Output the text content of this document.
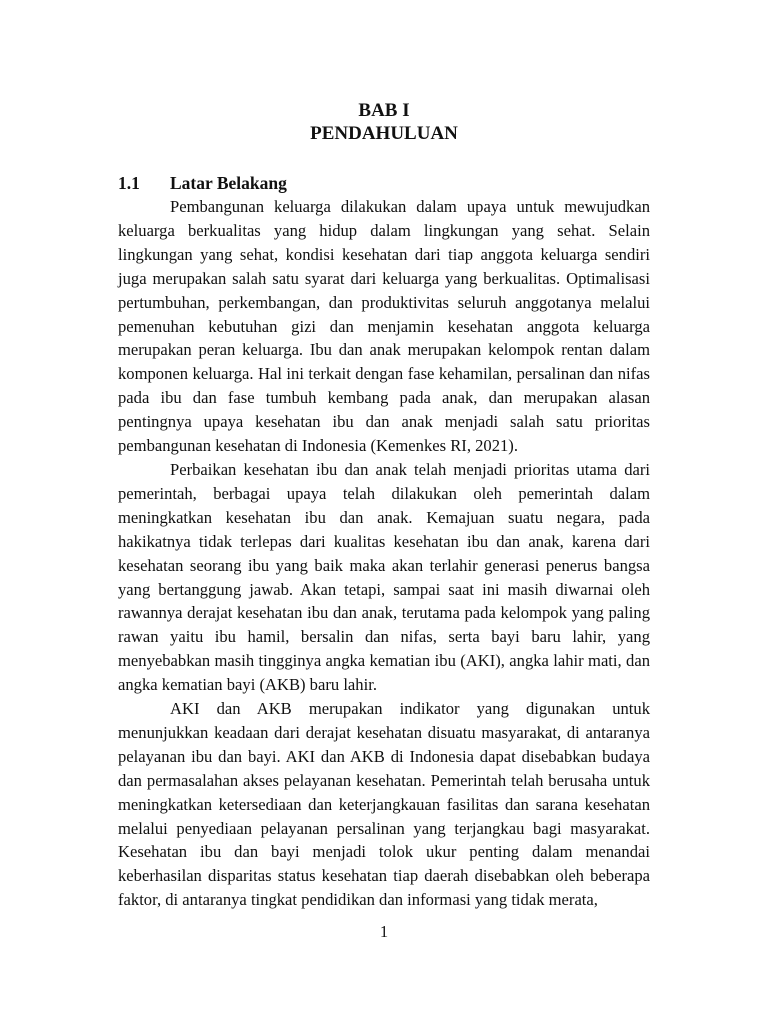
BAB I
PENDAHULUAN
1.1 Latar Belakang

Pembangunan keluarga dilakukan dalam upaya untuk mewujudkan keluarga berkualitas yang hidup dalam lingkungan yang sehat. Selain lingkungan yang sehat, kondisi kesehatan dari tiap anggota keluarga sendiri juga merupakan salah satu syarat dari keluarga yang berkualitas. Optimalisasi pertumbuhan, perkembangan, dan produktivitas seluruh anggotanya melalui pemenuhan kebutuhan gizi dan menjamin kesehatan anggota keluarga merupakan peran keluarga. Ibu dan anak merupakan kelompok rentan dalam komponen keluarga. Hal ini terkait dengan fase kehamilan, persalinan dan nifas pada ibu dan fase tumbuh kembang pada anak, dan merupakan alasan pentingnya upaya kesehatan ibu dan anak menjadi salah satu prioritas pembangunan kesehatan di Indonesia (Kemenkes RI, 2021).

Perbaikan kesehatan ibu dan anak telah menjadi prioritas utama dari pemerintah, berbagai upaya telah dilakukan oleh pemerintah dalam meningkatkan kesehatan ibu dan anak. Kemajuan suatu negara, pada hakikatnya tidak terlepas dari kualitas kesehatan ibu dan anak, karena dari kesehatan seorang ibu yang baik maka akan terlahir generasi penerus bangsa yang bertanggung jawab. Akan tetapi, sampai saat ini masih diwarnai oleh rawannya derajat kesehatan ibu dan anak, terutama pada kelompok yang paling rawan yaitu ibu hamil, bersalin dan nifas, serta bayi baru lahir, yang menyebabkan masih tingginya angka kematian ibu (AKI), angka lahir mati, dan angka kematian bayi (AKB) baru lahir.

AKI dan AKB merupakan indikator yang digunakan untuk menunjukkan keadaan dari derajat kesehatan disuatu masyarakat, di antaranya pelayanan ibu dan bayi. AKI dan AKB di Indonesia dapat disebabkan budaya dan permasalahan akses pelayanan kesehatan. Pemerintah telah berusaha untuk meningkatkan ketersediaan dan keterjangkauan fasilitas dan sarana kesehatan melalui penyediaan pelayanan persalinan yang terjangkau bagi masyarakat. Kesehatan ibu dan bayi menjadi tolok ukur penting dalam menandai keberhasilan disparitas status kesehatan tiap daerah disebabkan oleh beberapa faktor, di antaranya tingkat pendidikan dan informasi yang tidak merata,

1
